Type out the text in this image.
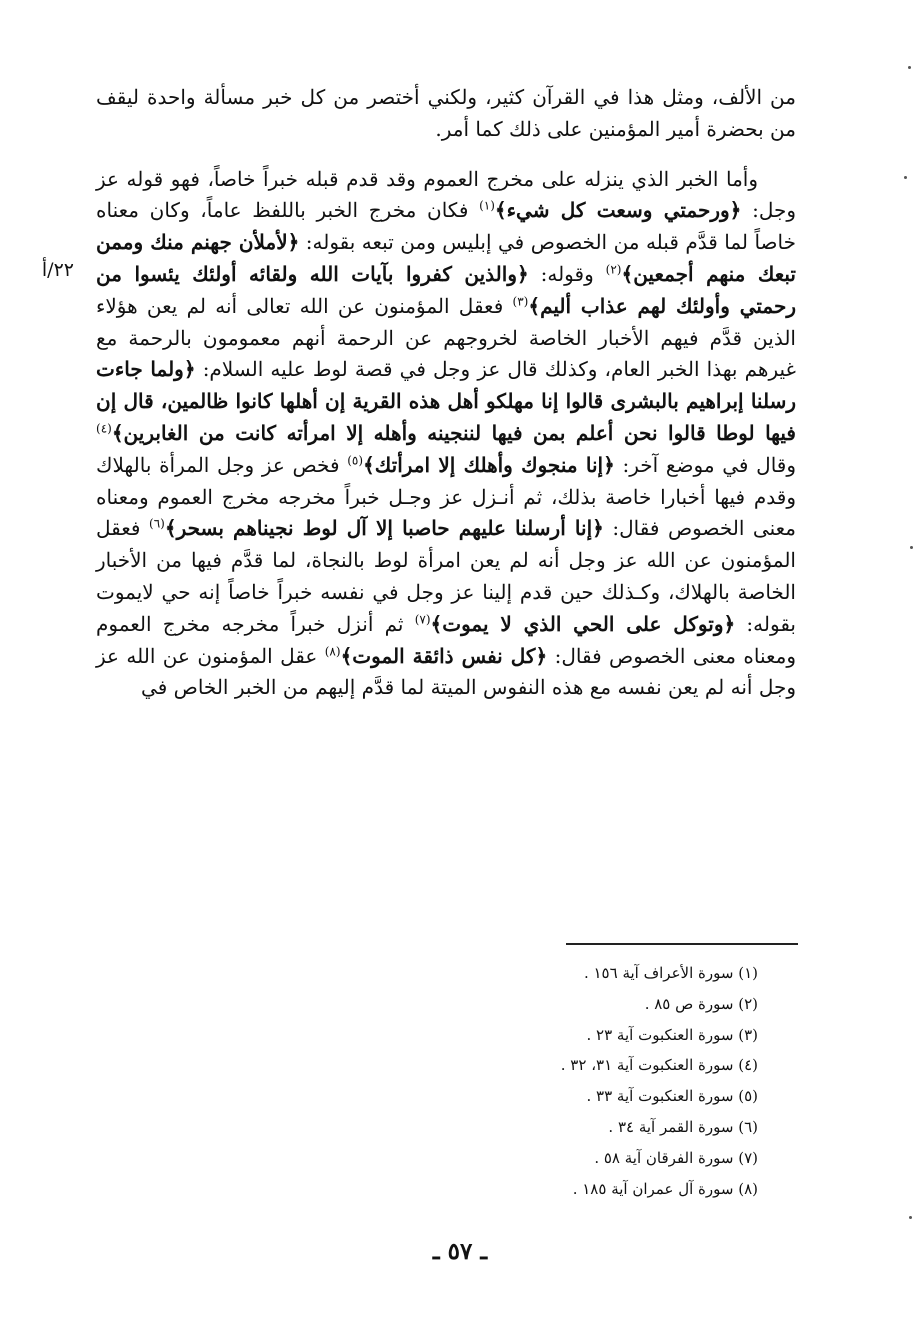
من الألف، ومثل هذا في القرآن كثير، ولكني أختصر من كل خبر مسألة واحدة ليقف من بحضرة أمير المؤمنين على ذلك كما أمر.

وأما الخبر الذي ينزله على مخرج العموم وقد قدم قبله خبراً خاصاً، فهو قوله عز وجل: ﴿ورحمتي وسعت كل شيء﴾$^{(١)}$ فكان مخرج الخبر باللفظ عاماً، وكان معناه خاصاً لما قدَّم قبله من الخصوص في إبليس ومن تبعه بقوله: ﴿لأملأن جهنم منك وممن تبعك منهم أجمعين﴾$^{(٢)}$ وقوله: ﴿والذين كفروا بآيات الله ولقائه أولئك يئسوا من رحمتي وأولئك لهم عذاب أليم﴾$^{(٣)}$ فعقل المؤمنون عن الله تعالى أنه لم يعن هؤلاء الذين قدَّم فيهم الأخبار الخاصة لخروجهم عن الرحمة أنهم معمومون بالرحمة مع غيرهم بهذا الخبر العام، وكذلك قال عز وجل في قصة لوط عليه السلام: ﴿ولما جاءت رسلنا إبراهيم بالبشرى قالوا إنا مهلكو أهل هذه القرية إن أهلها كانوا ظالمين، قال إن فيها لوطا قالوا نحن أعلم بمن فيها لننجينه وأهله إلا امرأته كانت من الغابرين﴾$^{(٤)}$ وقال في موضع آخر: ﴿إنا منجوك وأهلك إلا امرأتك﴾$^{(٥)}$ فخص عز وجل المرأة بالهلاك وقدم فيها أخبارا خاصة بذلك، ثم أنـزل عز وجـل خبراً مخرجه مخرج العموم ومعناه معنى الخصوص فقال: ﴿إنا أرسلنا عليهم حاصبا إلا آل لوط نجيناهم بسحر﴾$^{(٦)}$ فعقل المؤمنون عن الله عز وجل أنه لم يعن امرأة لوط بالنجاة، لما قدَّم فيها من الأخبار الخاصة بالهلاك، وكـذلك حين قدم إلينا عز وجل في نفسه خبراً خاصاً إنه حي لايموت بقوله: ﴿وتوكل على الحي الذي لا يموت﴾$^{(٧)}$ ثم أنزل خبراً مخرجه مخرج العموم ومعناه معنى الخصوص فقال: ﴿كل نفس ذائقة الموت﴾$^{(٨)}$ عقل المؤمنون عن الله عز وجل أنه لم يعن نفسه مع هذه النفوس الميتة لما قدَّم إليهم من الخبر الخاص في

٢٢/أ
(١) سورة الأعراف آية ١٥٦ .
(٢) سورة ص ٨٥ .
(٣) سورة العنكبوت آية ٢٣ .
(٤) سورة العنكبوت آية ٣١، ٣٢ .
(٥) سورة العنكبوت آية ٣٣ .
(٦) سورة القمر آية ٣٤ .
(٧) سورة الفرقان آية ٥٨ .
(٨) سورة آل عمران آية ١٨٥ .
ـ ٥٧ ـ
